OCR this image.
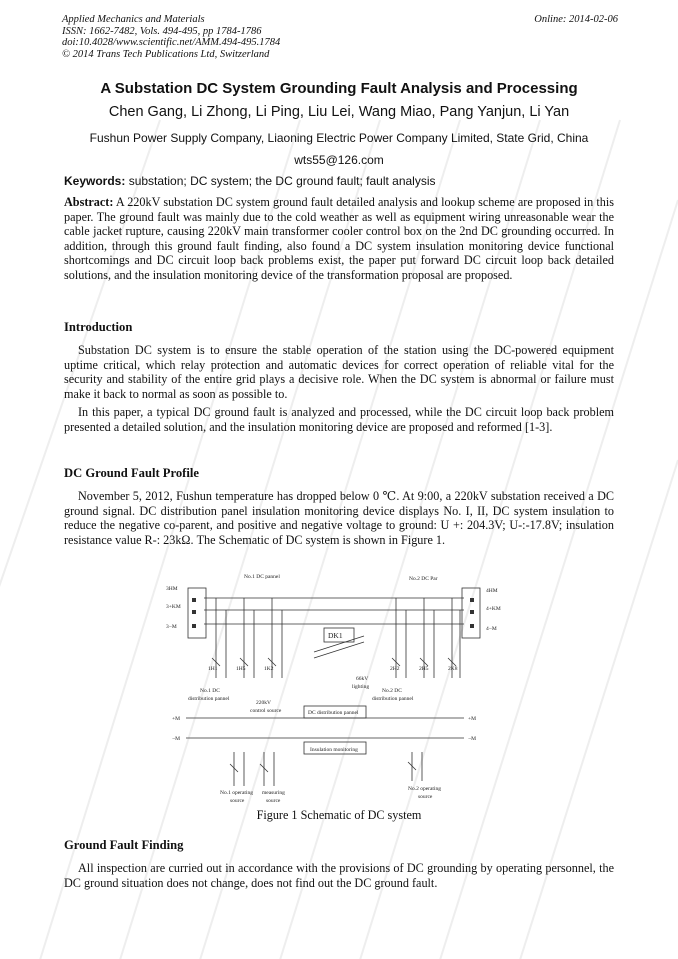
Applied Mechanics and Materials
ISSN: 1662-7482, Vols. 494-495, pp 1784-1786
doi:10.4028/www.scientific.net/AMM.494-495.1784
© 2014 Trans Tech Publications Ltd, Switzerland
Online: 2014-02-06
A Substation DC System Grounding Fault Analysis and Processing
Chen Gang, Li Zhong, Li Ping, Liu Lei, Wang Miao, Pang Yanjun, Li Yan
Fushun Power Supply Company, Liaoning Electric Power Company Limited, State Grid, China
wts55@126.com
Keywords: substation; DC system; the DC ground fault; fault analysis
Abstract: A 220kV substation DC system ground fault detailed analysis and lookup scheme are proposed in this paper. The ground fault was mainly due to the cold weather as well as equipment wiring unreasonable wear the cable jacket rupture, causing 220kV main transformer cooler control box on the 2nd DC grounding occurred. In addition, through this ground fault finding, also found a DC system insulation monitoring device functional shortcomings and DC circuit loop back problems exist, the paper put forward DC circuit loop back detailed solutions, and the insulation monitoring device of the transformation proposal are proposed.
Introduction
Substation DC system is to ensure the stable operation of the station using the DC-powered equipment uptime critical, which relay protection and automatic devices for correct operation of reliable vital for the security and stability of the entire grid plays a decisive role. When the DC system is abnormal or failure must make it back to normal as soon as possible to.
In this paper, a typical DC ground fault is analyzed and processed, while the DC circuit loop back problem presented a detailed solution, and the insulation monitoring device are proposed and reformed [1-3].
DC Ground Fault Profile
November 5, 2012, Fushun temperature has dropped below 0 ℃. At 9:00, a 220kV substation received a DC ground signal. DC distribution panel insulation monitoring device displays No. I, II, DC system insulation to reduce the negative co-parent, and positive and negative voltage to ground: U +: 204.3V; U-:-17.8V; insulation resistance value R-: 23kΩ. The Schematic of DC system is shown in Figure 1.
No.1 DC pannel	No.2 DC Par
3HM
3+KM
3−M
4HM
4+KM
4−M
DK1
1H1	1H5	1K2	2H2	2H5	2K8
No.1 DC
distribution pannel
220kV
control source
66kV
lighting
No.2 DC
distribution pannel
DC distribution pannel
+M
−M
+M
−M
Insulation monitoring
No.1 operating
source
measuring
source
No.2 operating
source
Figure 1 Schematic of DC system
Ground Fault Finding
All inspection are curried out in accordance with the provisions of DC grounding by operating personnel, the DC ground situation does not change, does not find out the DC ground fault.
